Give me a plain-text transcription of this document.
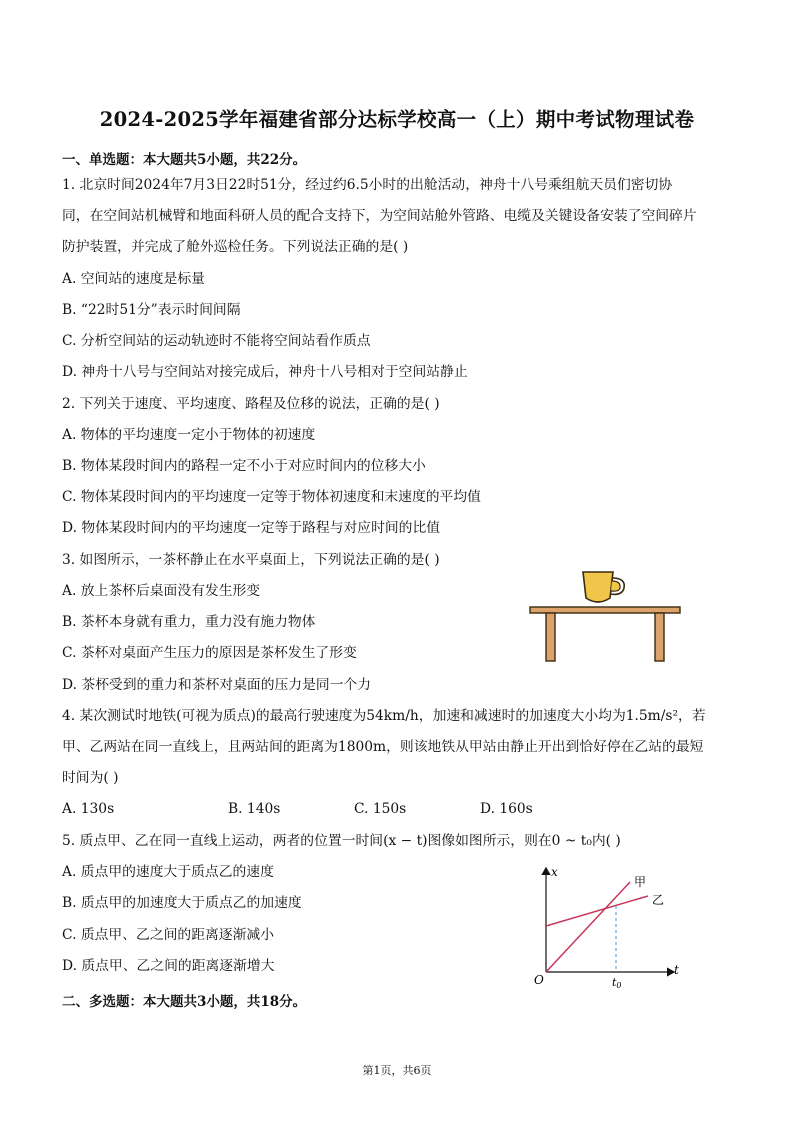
2024-2025学年福建省部分达标学校高一（上）期中考试物理试卷
一、单选题：本大题共5小题，共22分。
1. 北京时间2024年7月3日22时51分，经过约6.5小时的出舱活动，神舟十八号乘组航天员们密切协
同，在空间站机械臂和地面科研人员的配合支持下，为空间站舱外管路、电缆及关键设备安装了空间碎片
防护装置，并完成了舱外巡检任务。下列说法正确的是( )
A. 空间站的速度是标量
B. “22时51分”表示时间间隔
C. 分析空间站的运动轨迹时不能将空间站看作质点
D. 神舟十八号与空间站对接完成后，神舟十八号相对于空间站静止
2. 下列关于速度、平均速度、路程及位移的说法，正确的是( )
A. 物体的平均速度一定小于物体的初速度
B. 物体某段时间内的路程一定不小于对应时间内的位移大小
C. 物体某段时间内的平均速度一定等于物体初速度和末速度的平均值
D. 物体某段时间内的平均速度一定等于路程与对应时间的比值
3. 如图所示，一茶杯静止在水平桌面上，下列说法正确的是( )
A. 放上茶杯后桌面没有发生形变
B. 茶杯本身就有重力，重力没有施力物体
C. 茶杯对桌面产生压力的原因是茶杯发生了形变
D. 茶杯受到的重力和茶杯对桌面的压力是同一个力
4. 某次测试时地铁(可视为质点)的最高行驶速度为54km/h，加速和减速时的加速度大小均为1.5m/s²，若
甲、乙两站在同一直线上，且两站间的距离为1800m，则该地铁从甲站由静止开出到恰好停在乙站的最短
时间为( )
A. 130s	B. 140s	C. 150s	D. 160s
5. 质点甲、乙在同一直线上运动，两者的位置一时间(x − t)图像如图所示，则在0 ~ t₀内( )
A. 质点甲的速度大于质点乙的速度
B. 质点甲的加速度大于质点乙的加速度
C. 质点甲、乙之间的距离逐渐减小
D. 质点甲、乙之间的距离逐渐增大
x
t
O	t0
甲
乙
二、多选题：本大题共3小题，共18分。
第1页，共6页
